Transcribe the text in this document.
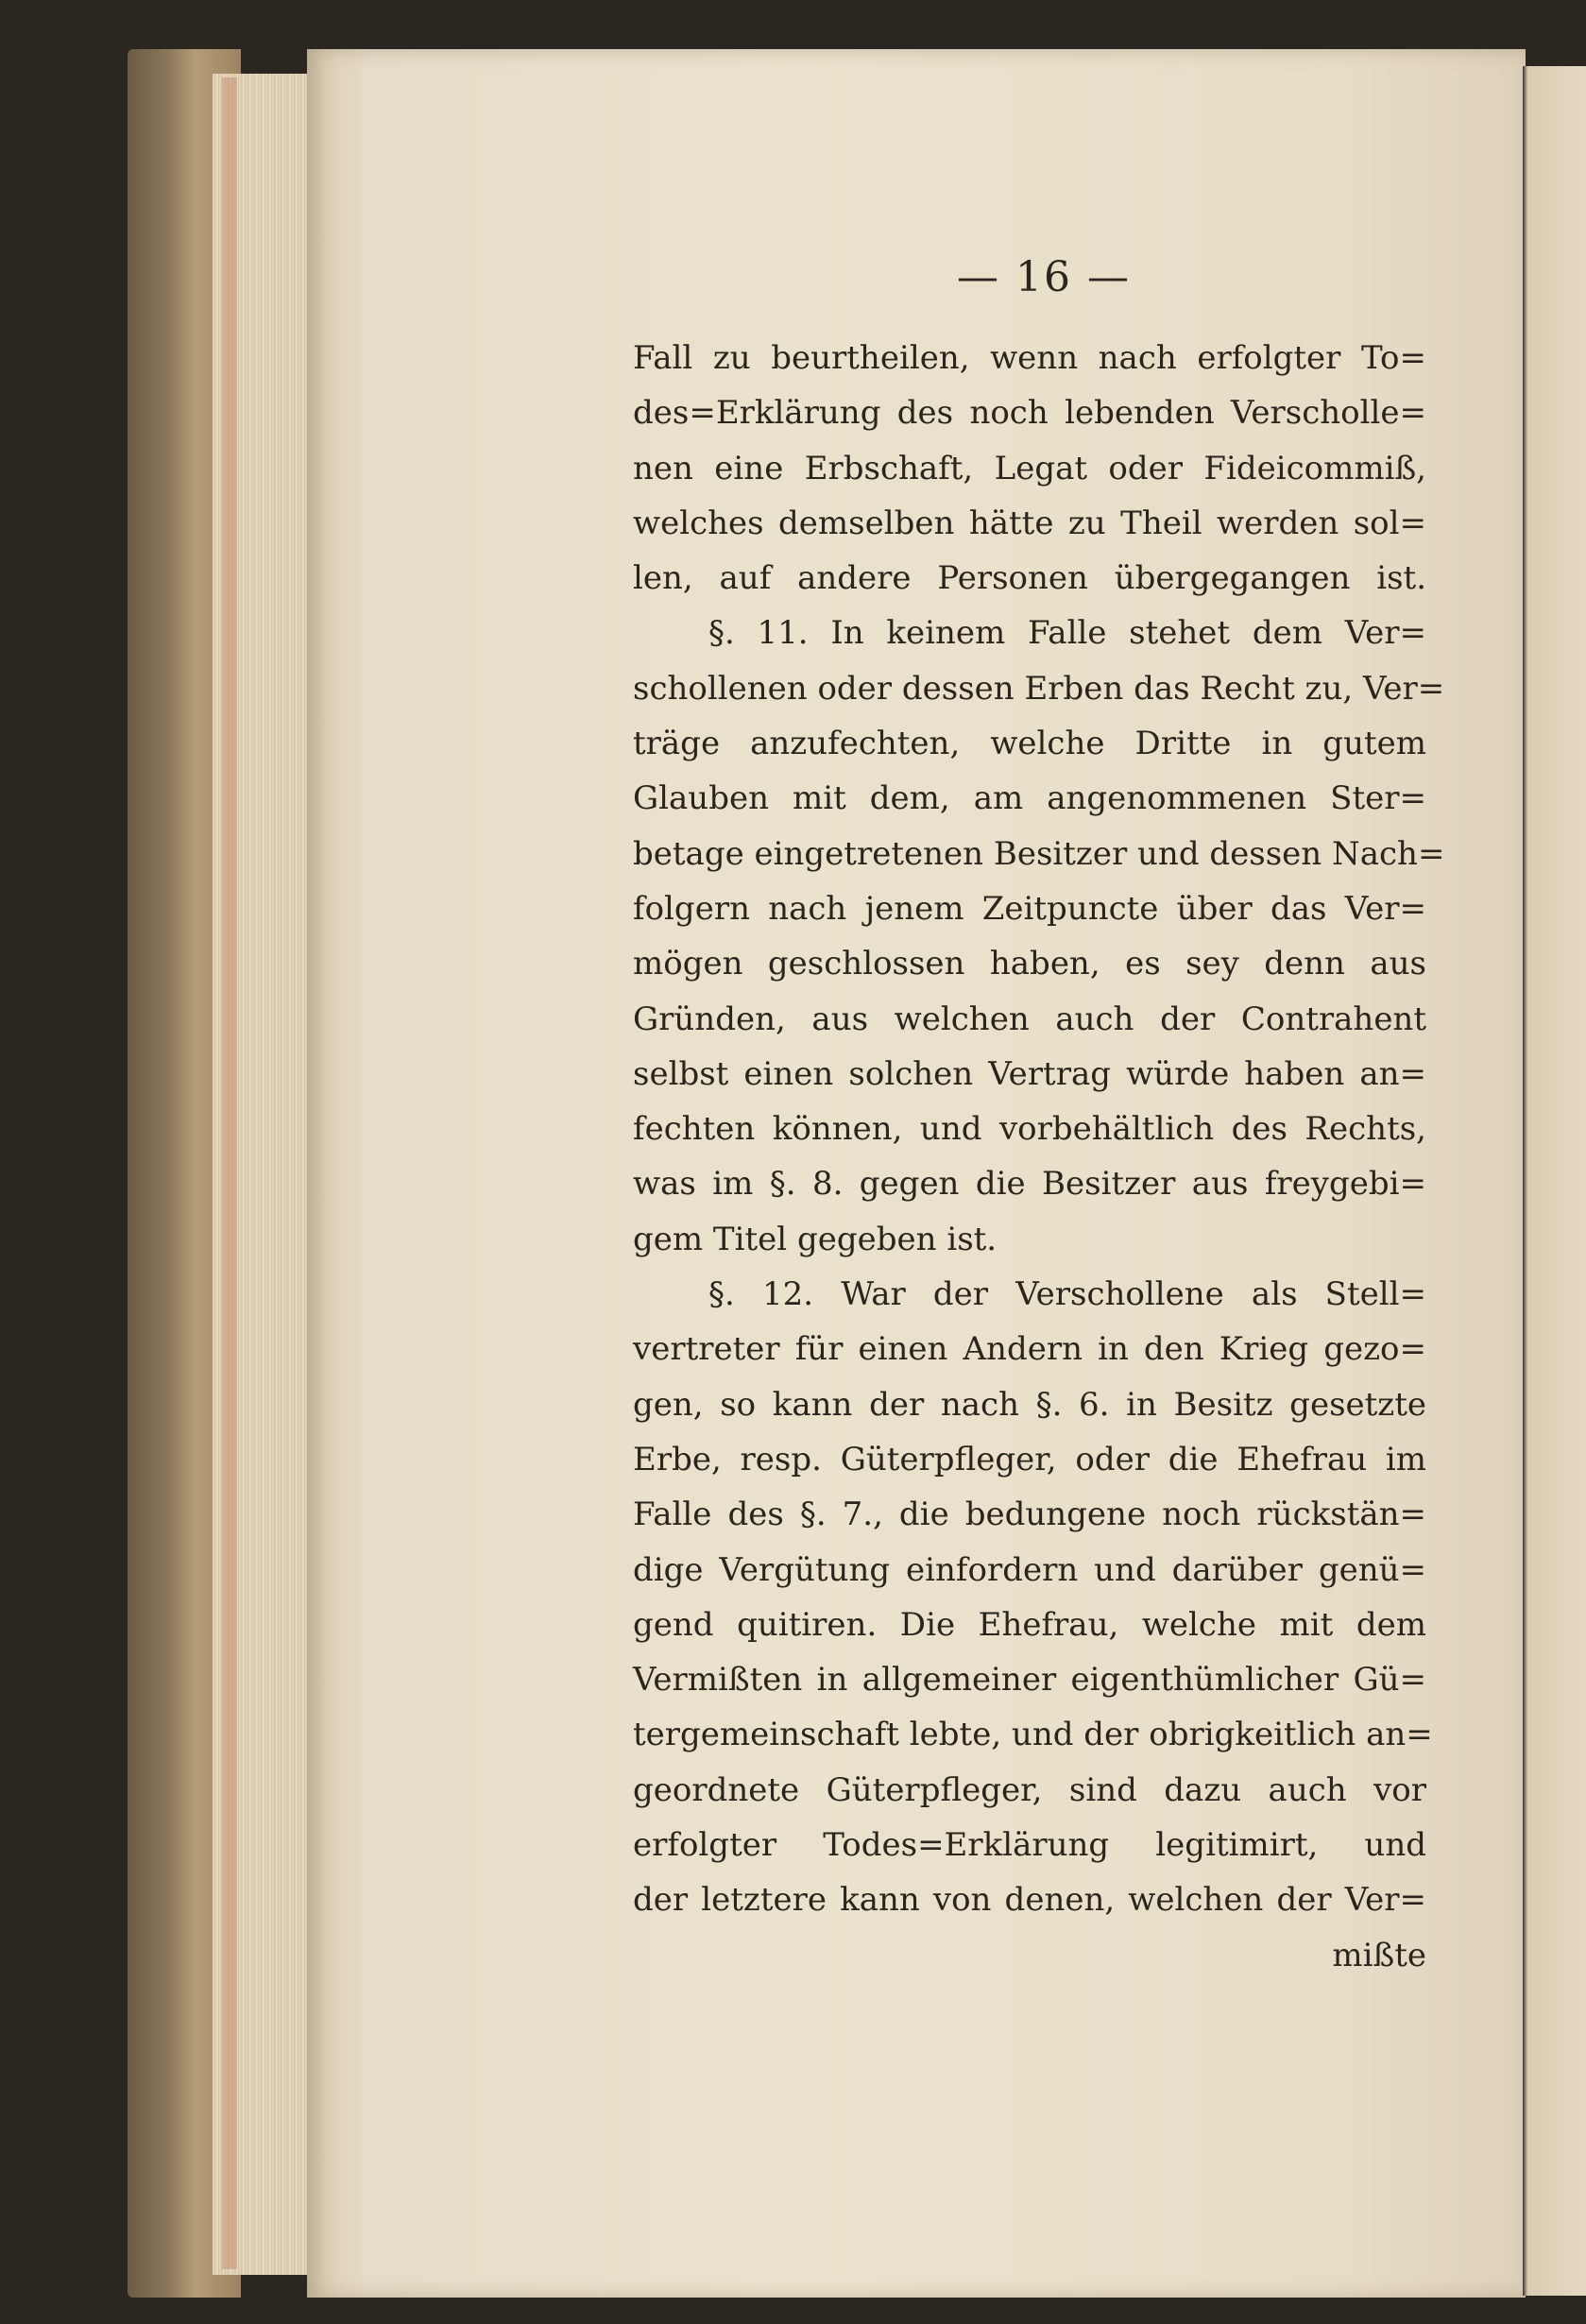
— 16 —
Fall zu beurtheilen, wenn nach erfolgter To=
des=Erklärung des noch lebenden Verscholle=
nen eine Erbschaft, Legat oder Fideicommiß,
welches demselben hätte zu Theil werden sol=
len, auf andere Personen übergegangen ist.
§. 11. In keinem Falle stehet dem Ver=
schollenen oder dessen Erben das Recht zu, Ver=
träge anzufechten, welche Dritte in gutem
Glauben mit dem, am angenommenen Ster=
betage eingetretenen Besitzer und dessen Nach=
folgern nach jenem Zeitpuncte über das Ver=
mögen geschlossen haben, es sey denn aus
Gründen, aus welchen auch der Contrahent
selbst einen solchen Vertrag würde haben an=
fechten können, und vorbehältlich des Rechts,
was im §. 8. gegen die Besitzer aus freygebi=
gem Titel gegeben ist.
§. 12. War der Verschollene als Stell=
vertreter für einen Andern in den Krieg gezo=
gen, so kann der nach §. 6. in Besitz gesetzte
Erbe, resp. Güterpfleger, oder die Ehefrau im
Falle des §. 7., die bedungene noch rückstän=
dige Vergütung einfordern und darüber genü=
gend quitiren. Die Ehefrau, welche mit dem
Vermißten in allgemeiner eigenthümlicher Gü=
tergemeinschaft lebte, und der obrigkeitlich an=
geordnete Güterpfleger, sind dazu auch vor
erfolgter Todes=Erklärung legitimirt, und
der letztere kann von denen, welchen der Ver=
mißte
